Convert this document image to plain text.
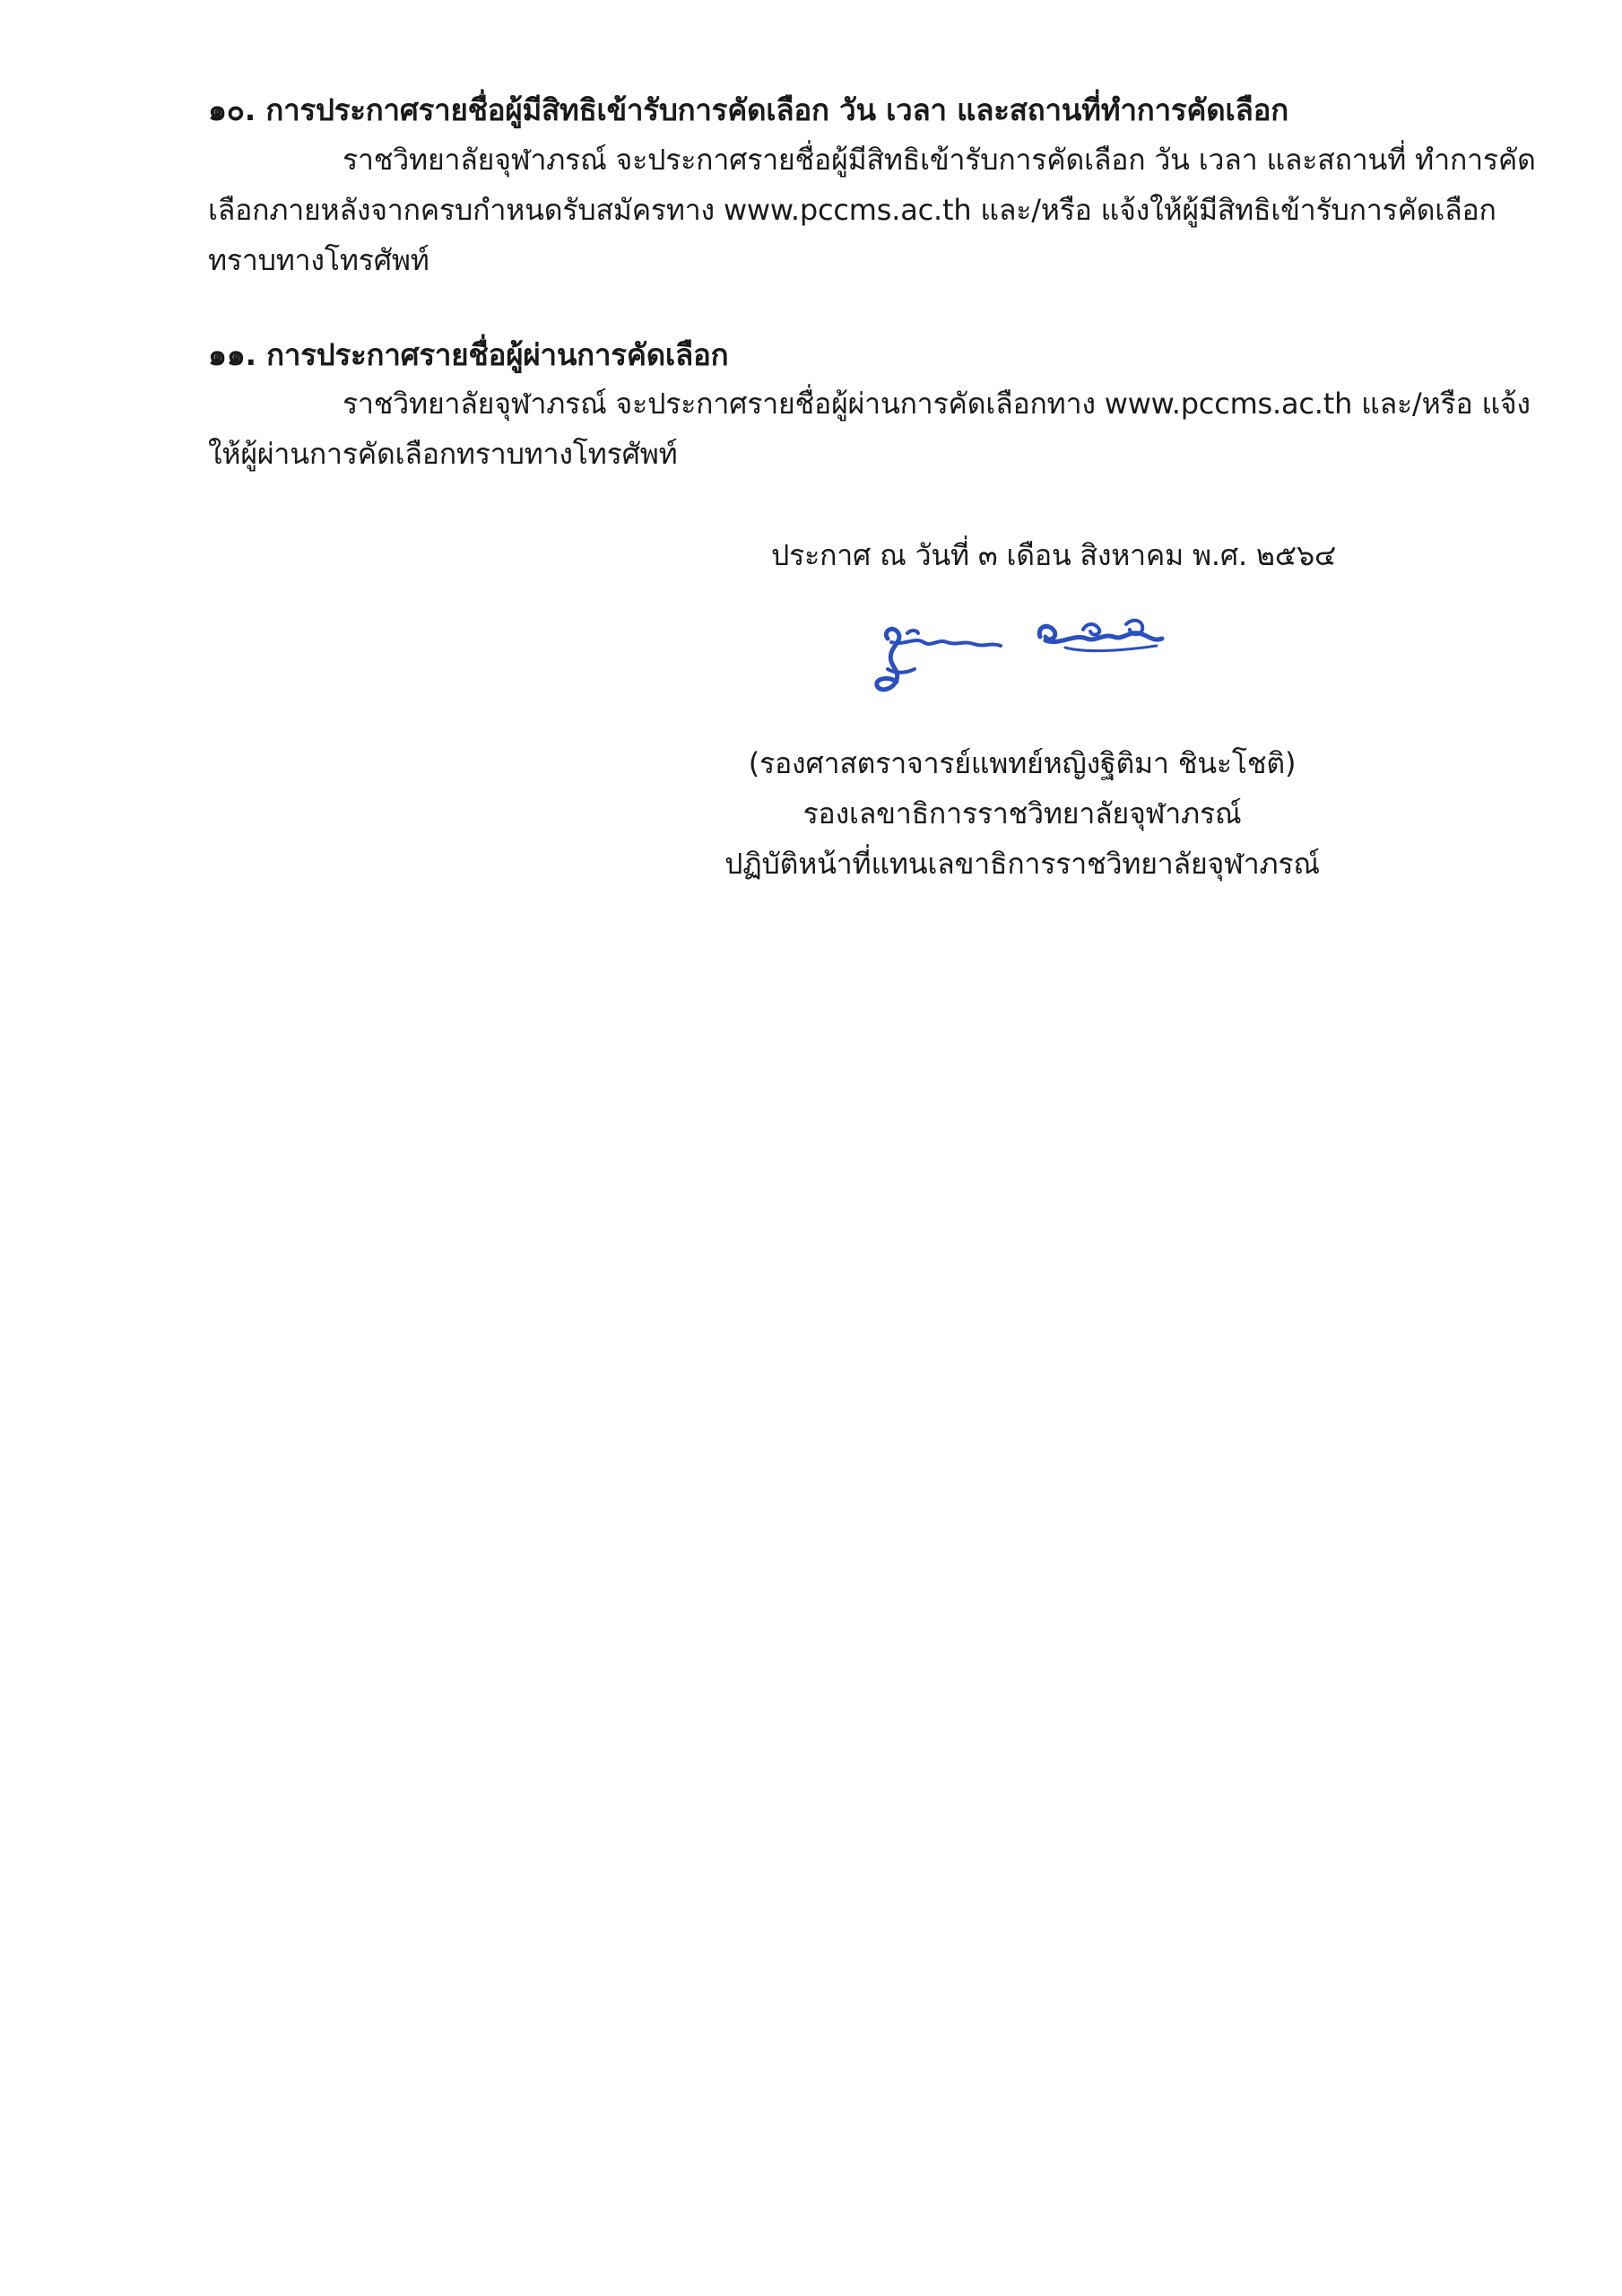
๑๐. การประกาศรายชื่อผู้มีสิทธิเข้ารับการคัดเลือก วัน เวลา และสถานที่ทำการคัดเลือก
ราชวิทยาลัยจุฬาภรณ์ จะประกาศรายชื่อผู้มีสิทธิเข้ารับการคัดเลือก วัน เวลา และสถานที่ ทำการคัด
เลือกภายหลังจากครบกำหนดรับสมัครทาง www.pccms.ac.th และ/หรือ แจ้งให้ผู้มีสิทธิเข้ารับการคัดเลือก
ทราบทางโทรศัพท์
๑๑. การประกาศรายชื่อผู้ผ่านการคัดเลือก
ราชวิทยาลัยจุฬาภรณ์ จะประกาศรายชื่อผู้ผ่านการคัดเลือกทาง www.pccms.ac.th และ/หรือ แจ้ง
ให้ผู้ผ่านการคัดเลือกทราบทางโทรศัพท์

ประกาศ ณ วันที่ ๓ เดือน สิงหาคม พ.ศ. ๒๕๖๔

(รองศาสตราจารย์แพทย์หญิงฐิติมา ชินะโชติ)

รองเลขาธิการราชวิทยาลัยจุฬาภรณ์

ปฏิบัติหน้าที่แทนเลขาธิการราชวิทยาลัยจุฬาภรณ์
